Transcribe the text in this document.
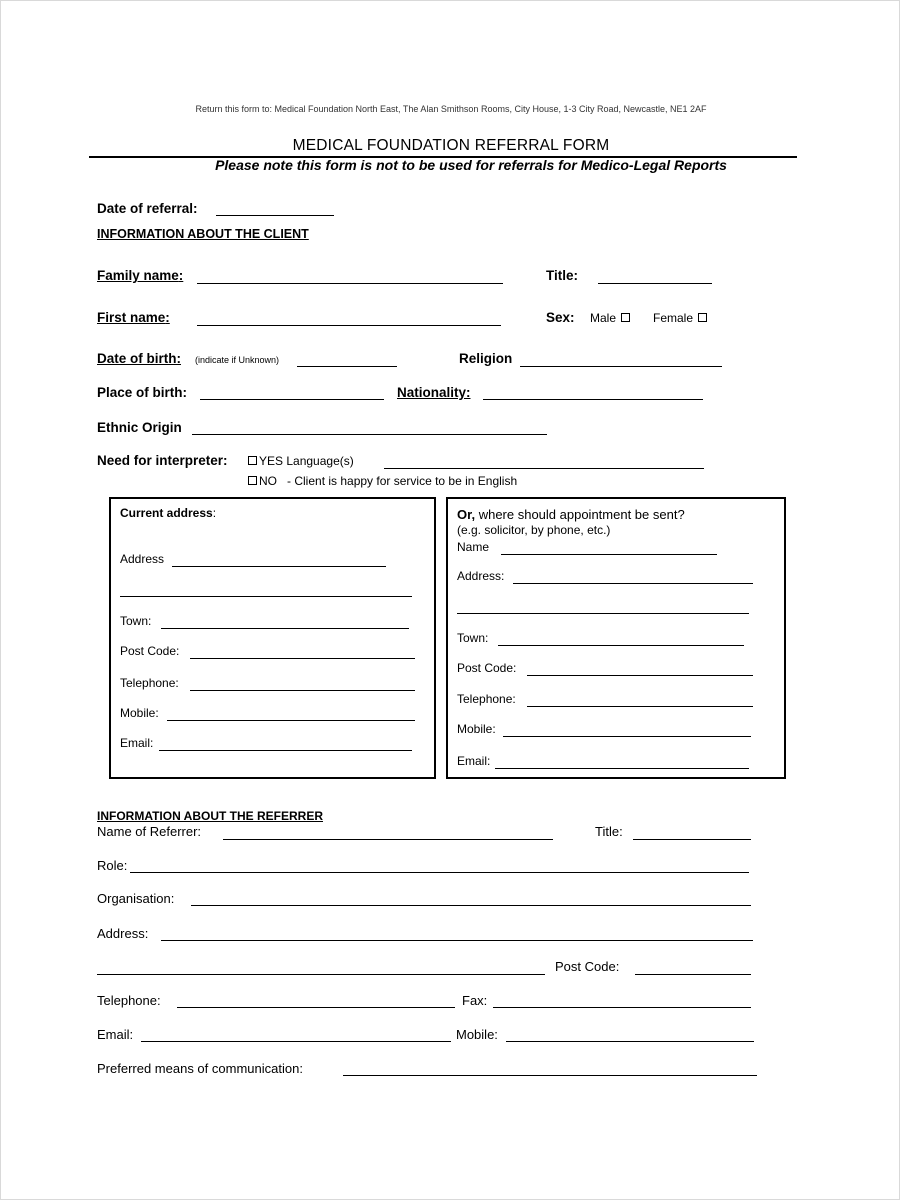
Return this form to: Medical Foundation North East, The Alan Smithson Rooms, City House, 1-3 City Road, Newcastle, NE1 2AF
MEDICAL FOUNDATION REFERRAL FORM
Please note this form is not to be used for referrals for Medico-Legal Reports
Date of referral:
INFORMATION ABOUT THE CLIENT
Family name:	Title:
First name:	Sex: Male	Female
Date of birth: (indicate if Unknown)	Religion
Place of birth:	Nationality:
Ethnic Origin
Need for interpreter:	YES Language(s)
NO - Client is happy for service to be in English
Current address:
Address
Town:
Post Code:
Telephone:
Mobile:
Email:
Or, where should appointment be sent?
(e.g. solicitor, by phone, etc.)
Name
Address:
Town:
Post Code:
Telephone:
Mobile:
Email:
INFORMATION ABOUT THE REFERRER
Name of Referrer:	Title:
Role:
Organisation:
Address:
Post Code:
Telephone:	Fax:
Email:	Mobile:
Preferred means of communication:
